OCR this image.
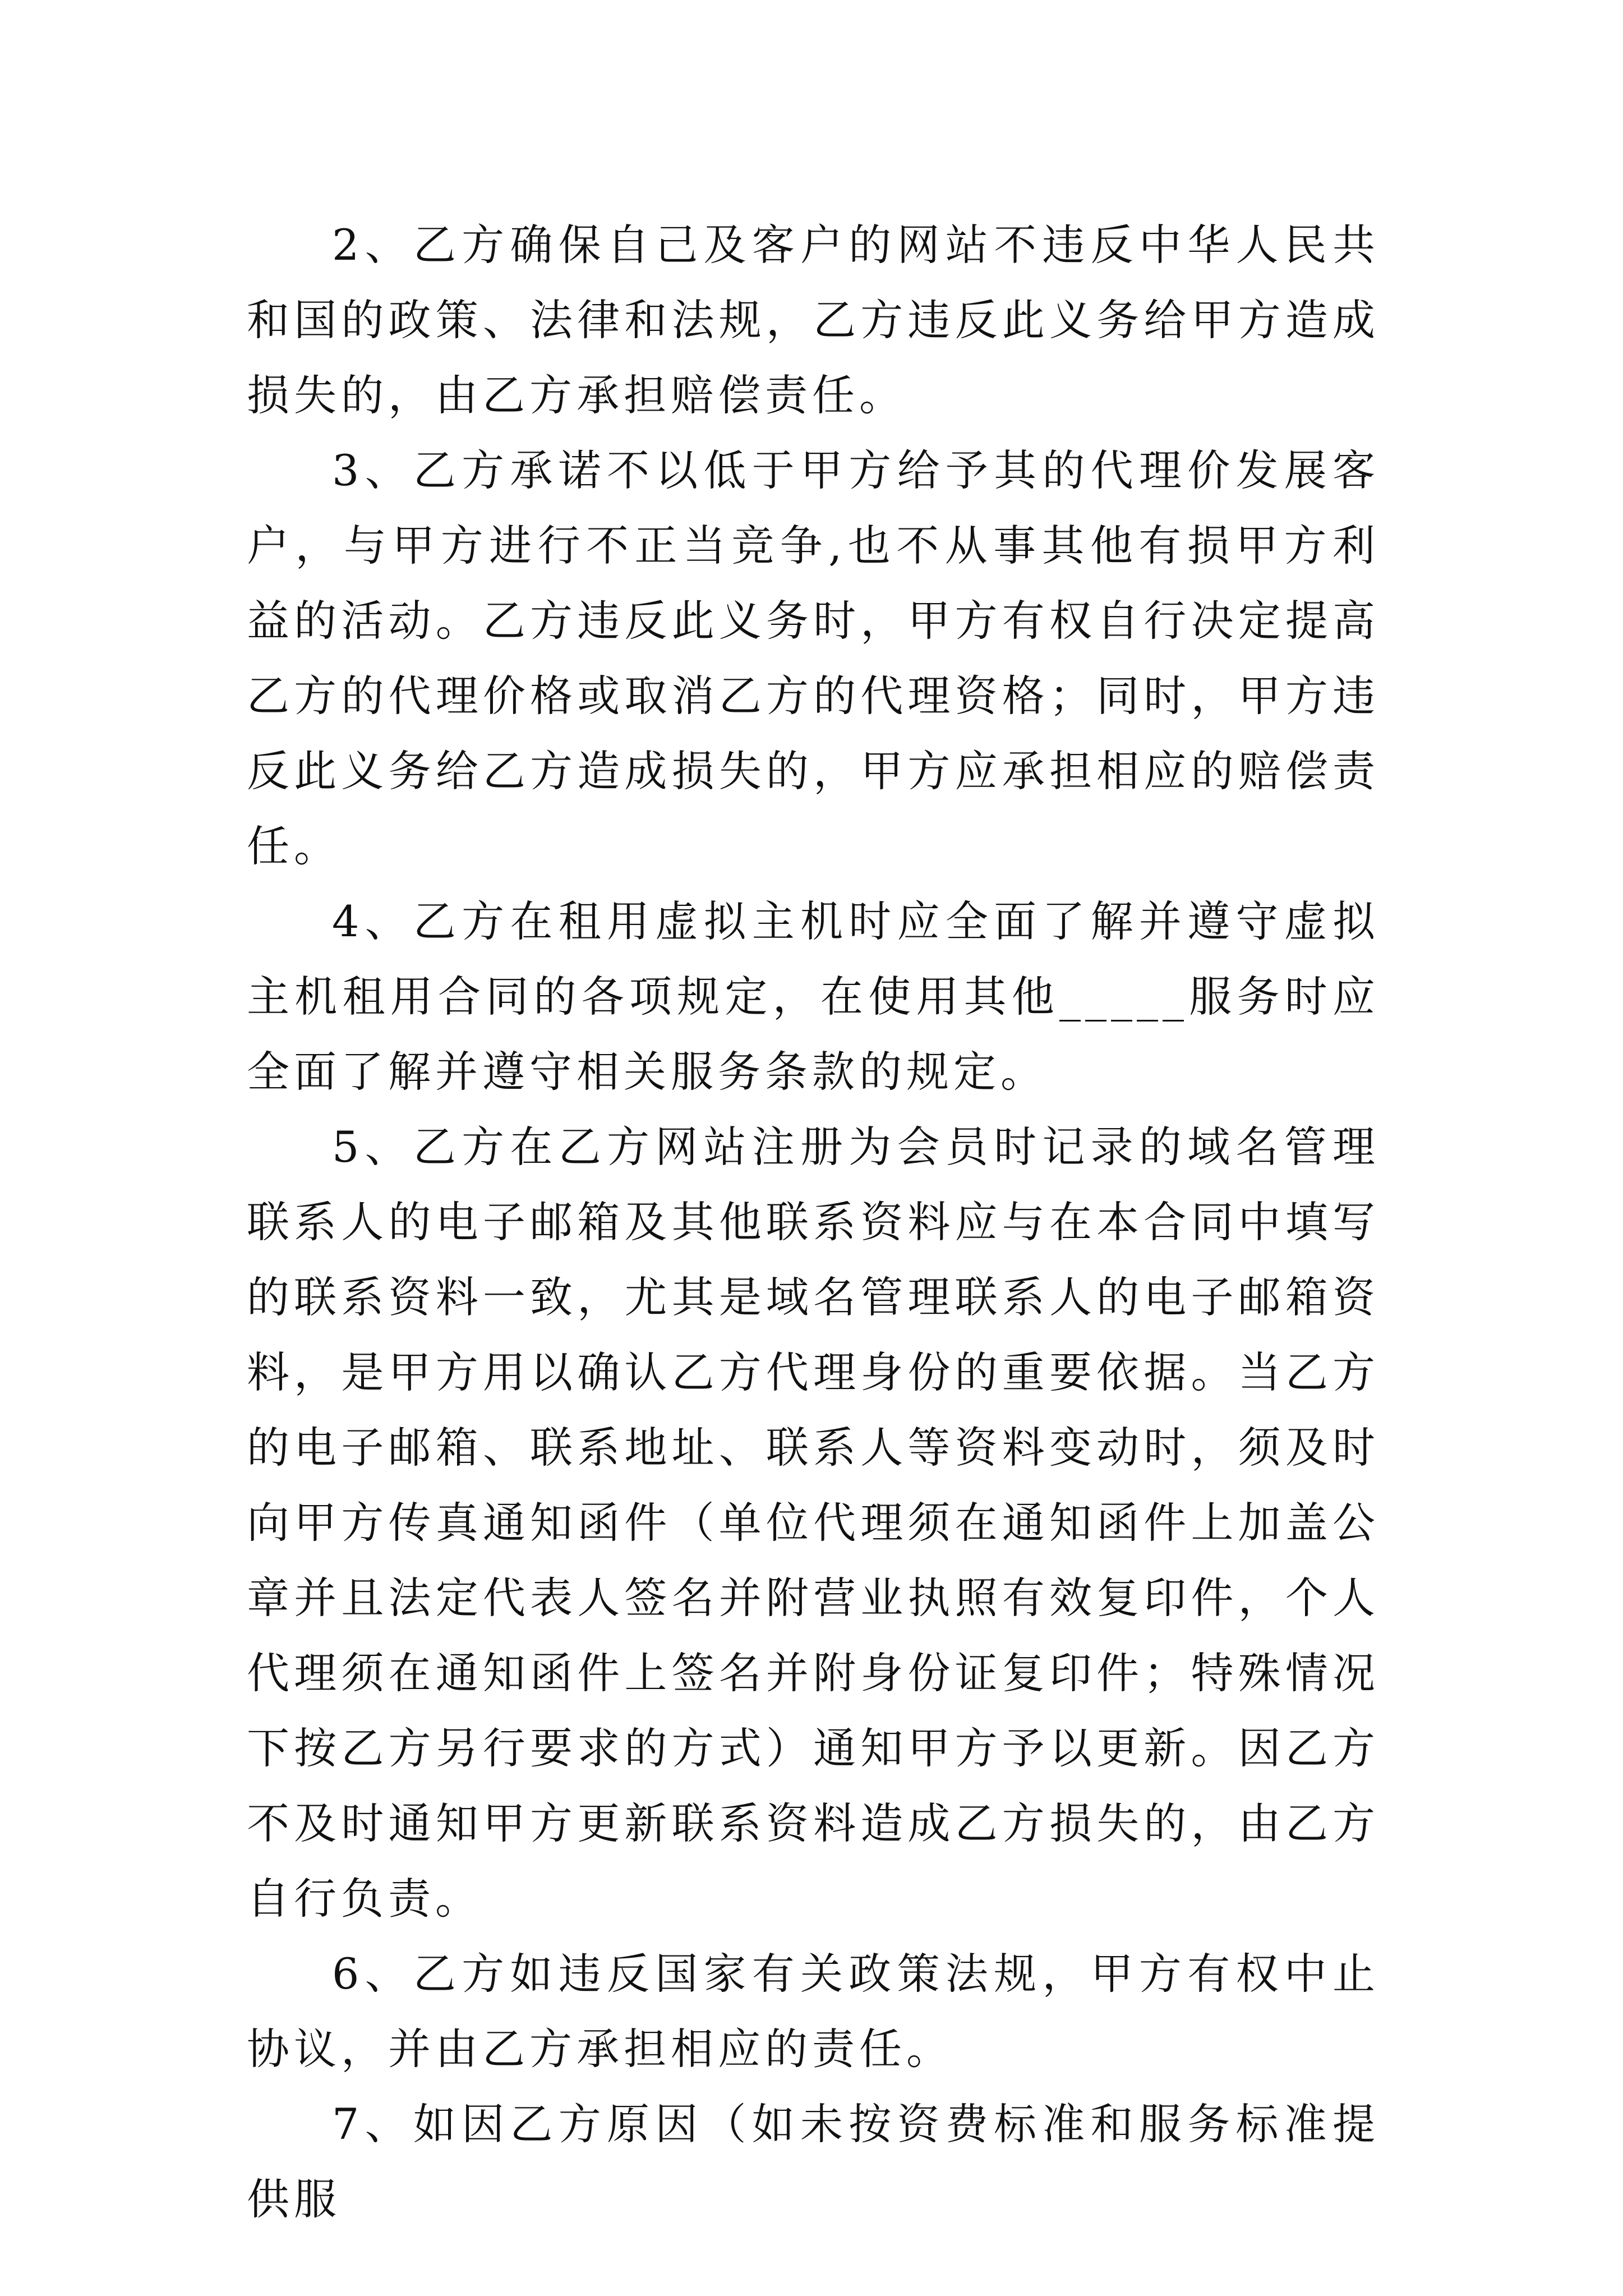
2、乙方确保自己及客户的网站不违反中华人民共和国的政策、法律和法规，乙方违反此义务给甲方造成损失的，由乙方承担赔偿责任。

3、乙方承诺不以低于甲方给予其的代理价发展客户，与甲方进行不正当竞争,也不从事其他有损甲方利益的活动。乙方违反此义务时，甲方有权自行决定提高乙方的代理价格或取消乙方的代理资格；同时，甲方违反此义务给乙方造成损失的，甲方应承担相应的赔偿责任。

4、乙方在租用虚拟主机时应全面了解并遵守虚拟主机租用合同的各项规定，在使用其他_____服务时应全面了解并遵守相关服务条款的规定。

5、乙方在乙方网站注册为会员时记录的域名管理联系人的电子邮箱及其他联系资料应与在本合同中填写的联系资料一致，尤其是域名管理联系人的电子邮箱资料，是甲方用以确认乙方代理身份的重要依据。当乙方的电子邮箱、联系地址、联系人等资料变动时，须及时向甲方传真通知函件（单位代理须在通知函件上加盖公章并且法定代表人签名并附营业执照有效复印件，个人代理须在通知函件上签名并附身份证复印件；特殊情况下按乙方另行要求的方式）通知甲方予以更新。因乙方不及时通知甲方更新联系资料造成乙方损失的，由乙方自行负责。

6、乙方如违反国家有关政策法规，甲方有权中止协议，并由乙方承担相应的责任。

7、如因乙方原因（如未按资费标准和服务标准提供服
